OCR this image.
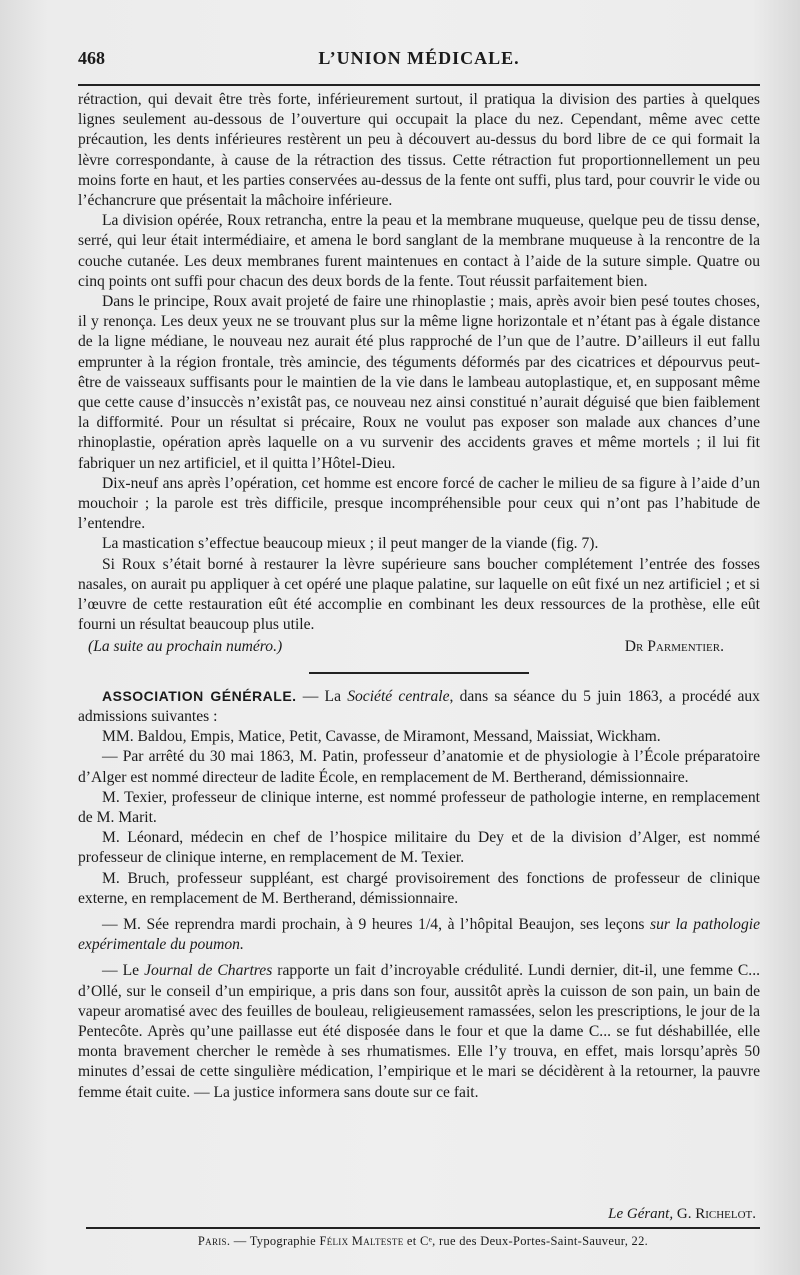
468	L’UNION MÉDICALE.

rétraction, qui devait être très forte, inférieurement surtout, il pratiqua la division des parties à quelques lignes seulement au-dessous de l’ouverture qui occupait la place du nez. Cependant, même avec cette précaution, les dents inférieures restèrent un peu à découvert au-dessus du bord libre de ce qui formait la lèvre correspondante, à cause de la rétraction des tissus. Cette rétraction fut proportionnellement un peu moins forte en haut, et les parties conservées au-dessus de la fente ont suffi, plus tard, pour couvrir le vide ou l’échancrure que présentait la mâchoire inférieure.

La division opérée, Roux retrancha, entre la peau et la membrane muqueuse, quelque peu de tissu dense, serré, qui leur était intermédiaire, et amena le bord sanglant de la membrane muqueuse à la rencontre de la couche cutanée. Les deux membranes furent maintenues en contact à l’aide de la suture simple. Quatre ou cinq points ont suffi pour chacun des deux bords de la fente. Tout réussit parfaitement bien.

Dans le principe, Roux avait projeté de faire une rhinoplastie ; mais, après avoir bien pesé toutes choses, il y renonça. Les deux yeux ne se trouvant plus sur la même ligne horizontale et n’étant pas à égale distance de la ligne médiane, le nouveau nez aurait été plus rapproché de l’un que de l’autre. D’ailleurs il eut fallu emprunter à la région frontale, très amincie, des téguments déformés par des cicatrices et dépourvus peut-être de vaisseaux suffisants pour le maintien de la vie dans le lambeau autoplastique, et, en supposant même que cette cause d’insuccès n’existât pas, ce nouveau nez ainsi constitué n’aurait déguisé que bien faiblement la difformité. Pour un résultat si précaire, Roux ne voulut pas exposer son malade aux chances d’une rhinoplastie, opération après laquelle on a vu survenir des accidents graves et même mortels ; il lui fit fabriquer un nez artificiel, et il quitta l’Hôtel-Dieu.

Dix-neuf ans après l’opération, cet homme est encore forcé de cacher le milieu de sa figure à l’aide d’un mouchoir ; la parole est très difficile, presque incompréhensible pour ceux qui n’ont pas l’habitude de l’entendre.

La mastication s’effectue beaucoup mieux ; il peut manger de la viande (fig. 7).

Si Roux s’était borné à restaurer la lèvre supérieure sans boucher complétement l’entrée des fosses nasales, on aurait pu appliquer à cet opéré une plaque palatine, sur laquelle on eût fixé un nez artificiel ; et si l’œuvre de cette restauration eût été accomplie en combinant les deux ressources de la prothèse, elle eût fourni un résultat beaucoup plus utile.

(La suite au prochain numéro.)	Dr Parmentier.

ASSOCIATION GÉNÉRALE. — La Société centrale, dans sa séance du 5 juin 1863, a procédé aux admissions suivantes :

MM. Baldou, Empis, Matice, Petit, Cavasse, de Miramont, Messand, Maissiat, Wickham.

— Par arrêté du 30 mai 1863, M. Patin, professeur d’anatomie et de physiologie à l’École préparatoire d’Alger est nommé directeur de ladite École, en remplacement de M. Bertherand, démissionnaire.

M. Texier, professeur de clinique interne, est nommé professeur de pathologie interne, en remplacement de M. Marit.

M. Léonard, médecin en chef de l’hospice militaire du Dey et de la division d’Alger, est nommé professeur de clinique interne, en remplacement de M. Texier.

M. Bruch, professeur suppléant, est chargé provisoirement des fonctions de professeur de clinique externe, en remplacement de M. Bertherand, démissionnaire.

— M. Sée reprendra mardi prochain, à 9 heures 1/4, à l’hôpital Beaujon, ses leçons sur la pathologie expérimentale du poumon.

— Le Journal de Chartres rapporte un fait d’incroyable crédulité. Lundi dernier, dit-il, une femme C... d’Ollé, sur le conseil d’un empirique, a pris dans son four, aussitôt après la cuisson de son pain, un bain de vapeur aromatisé avec des feuilles de bouleau, religieusement ramassées, selon les prescriptions, le jour de la Pentecôte. Après qu’une paillasse eut été disposée dans le four et que la dame C... se fut déshabillée, elle monta bravement chercher le remède à ses rhumatismes. Elle l’y trouva, en effet, mais lorsqu’après 50 minutes d’essai de cette singulière médication, l’empirique et le mari se décidèrent à la retourner, la pauvre femme était cuite. — La justice informera sans doute sur ce fait.

Le Gérant, G. Richelot.
Paris. — Typographie Félix Malteste et Cᵉ, rue des Deux-Portes-Saint-Sauveur, 22.
